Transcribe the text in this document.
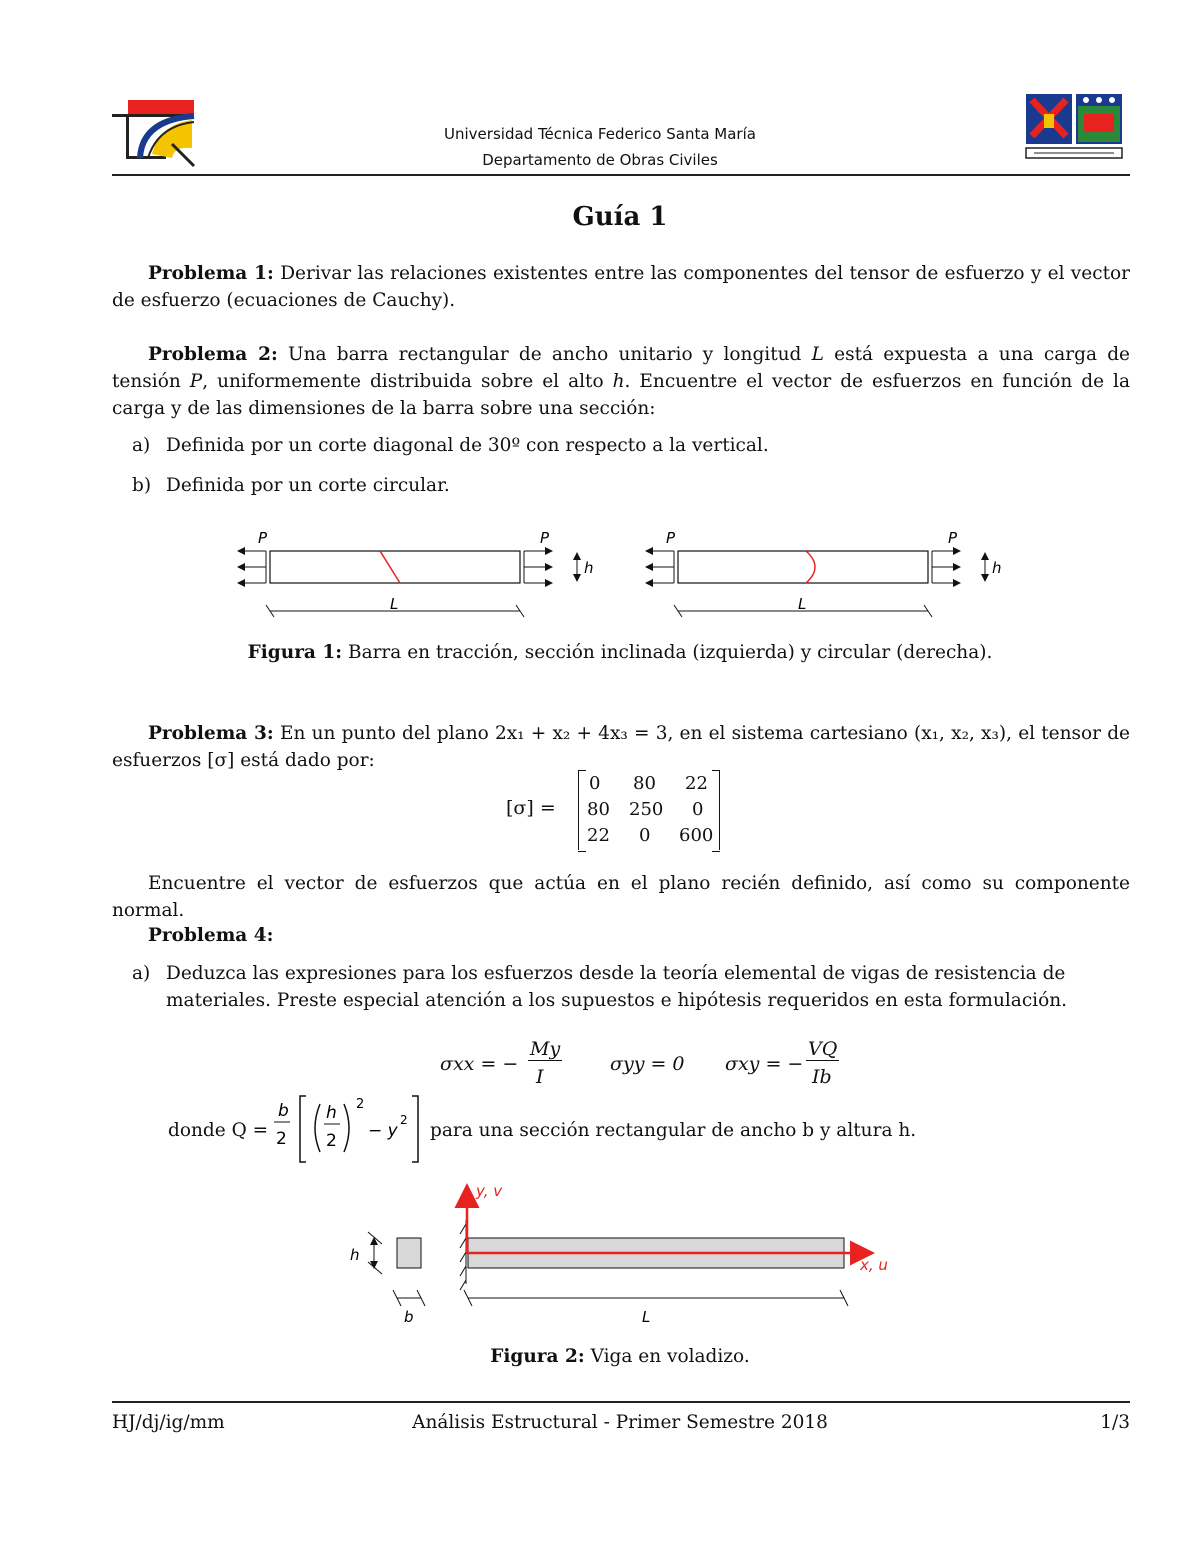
Universidad Técnica Federico Santa María
Departamento de Obras Civiles
Guía 1
Problema 1: Derivar las relaciones existentes entre las componentes del tensor de esfuerzo y el vector de esfuerzo (ecuaciones de Cauchy).
Problema 2: Una barra rectangular de ancho unitario y longitud L está expuesta a una carga de tensión P, uniformemente distribuida sobre el alto h. Encuentre el vector de esfuerzos en función de la carga y de las dimensiones de la barra sobre una sección:
a) Definida por un corte diagonal de 30º con respecto a la vertical.
b) Definida por un corte circular.
P	P
h
L
P	P
h
L
Figura 1: Barra en tracción, sección inclinada (izquierda) y circular (derecha).
Problema 3: En un punto del plano 2x₁ + x₂ + 4x₃ = 3, en el sistema cartesiano (x₁, x₂, x₃), el tensor de esfuerzos [σ] está dado por:
[σ] =
0 80 22
80 250 0
22 0 600
Encuentre el vector de esfuerzos que actúa en el plano recién definido, así como su componente normal.
Problema 4:
a) Deduzca las expresiones para los esfuerzos desde la teoría elemental de vigas de resistencia de materiales. Preste especial atención a los supuestos e hipótesis requeridos en esta formulación.
σxx = −
My
I
σyy = 0 σxy = −
VQ
Ib
donde Q =
b
2
h
2
2
− y
2 para una sección rectangular de ancho b y altura h.
h
b
y, v
x, u
L
Figura 2: Viga en voladizo.
HJ/dj/ig/mm	Análisis Estructural - Primer Semestre 2018	1/3
